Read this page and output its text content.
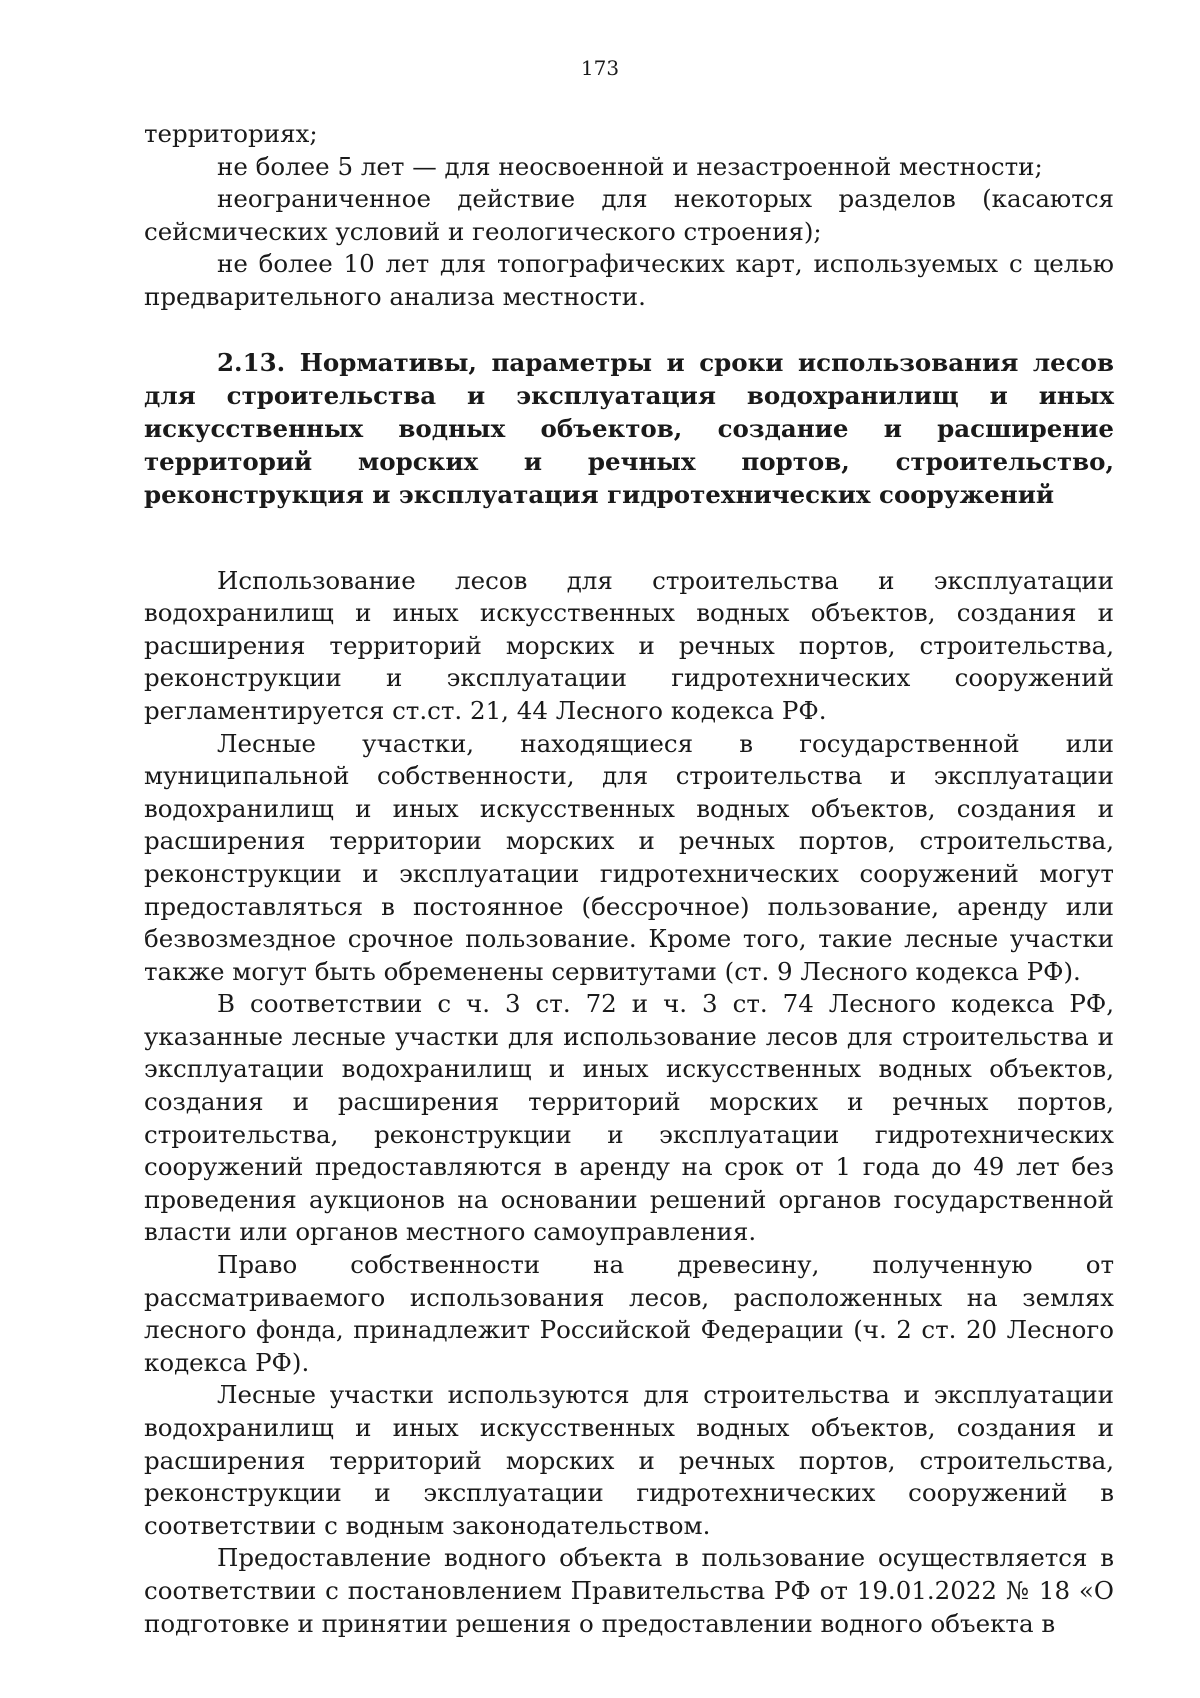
173

территориях;

не более 5 лет — для неосвоенной и незастроенной местности;

неограниченное действие для некоторых разделов (касаются сейсмических условий и геологического строения);

не более 10 лет для топографических карт, используемых с целью предварительного анализа местности.

2.13. Нормативы, параметры и сроки использования лесов для строительства и эксплуатация водохранилищ и иных искусственных водных объектов, создание и расширение территорий морских и речных портов, строительство, реконструкция и эксплуатация гидротехнических сооружений

Использование лесов для строительства и эксплуатации водохранилищ и иных искусственных водных объектов, создания и расширения территорий морских и речных портов, строительства, реконструкции и эксплуатации гидротехнических сооружений регламентируется ст.ст. 21, 44 Лесного кодекса РФ.

Лесные участки, находящиеся в государственной или муниципальной собственности, для строительства и эксплуатации водохранилищ и иных искусственных водных объектов, создания и расширения территории морских и речных портов, строительства, реконструкции и эксплуатации гидротехнических сооружений могут предоставляться в постоянное (бессрочное) пользование, аренду или безвозмездное срочное пользование. Кроме того, такие лесные участки также могут быть обременены сервитутами (ст. 9 Лесного кодекса РФ).

В соответствии с ч. 3 ст. 72 и ч. 3 ст. 74 Лесного кодекса РФ, указанные лесные участки для использование лесов для строительства и эксплуатации водохранилищ и иных искусственных водных объектов, создания и расширения территорий морских и речных портов, строительства, реконструкции и эксплуатации гидротехнических сооружений предоставляются в аренду на срок от 1 года до 49 лет без проведения аукционов на основании решений органов государственной власти или органов местного самоуправления.

Право собственности на древесину, полученную от рассматриваемого использования лесов, расположенных на землях лесного фонда, принадлежит Российской Федерации (ч. 2 ст. 20 Лесного кодекса РФ).

Лесные участки используются для строительства и эксплуатации водохранилищ и иных искусственных водных объектов, создания и расширения территорий морских и речных портов, строительства, реконструкции и эксплуатации гидротехнических сооружений в соответствии с водным законодательством.

Предоставление водного объекта в пользование осуществляется в соответствии с постановлением Правительства РФ от 19.01.2022 № 18 «О подготовке и принятии решения о предоставлении водного объекта в
